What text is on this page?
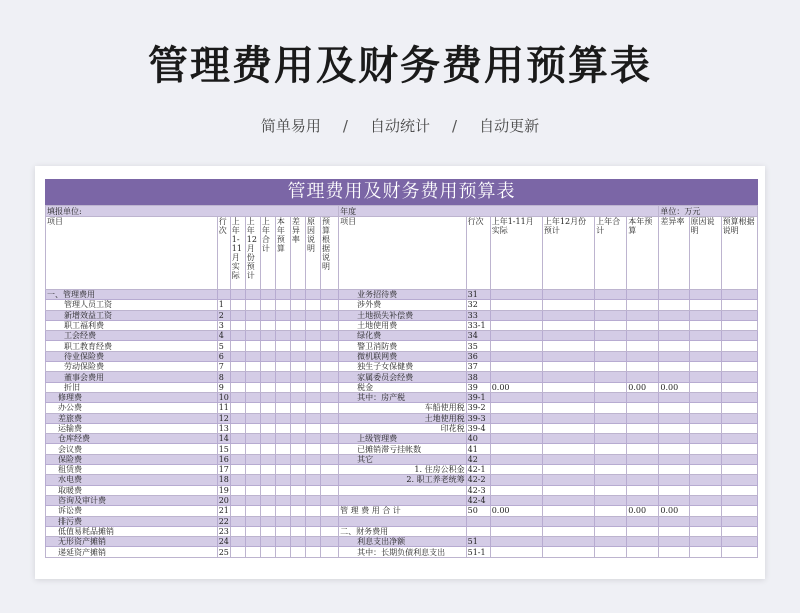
管理费用及财务费用预算表
简单易用 / 自动统计 / 自动更新
管理费用及财务费用预算表
填报单位:									年度						单位：万元		
项目	行次	上年1-11月实际	上年12月份预计	上年合计	本年预算	差异率	原因说明	预算根据说明	项目	行次	上年1-11月实际	上年12月份预计	上年合计	本年预算	差异率	原因说明	预算根据说明
一、管理费用									业务招待费	31							
管理人员工资	1								涉外费	32							
新增效益工资	2								土地损失补偿费	33							
职工福利费	3								土地使用费	33-1							
工会经费	4								绿化费	34							
职工教育经费	5								警卫消防费	35							
待业保险费	6								微机联网费	36							
劳动保险费	7								独生子女保健费	37							
董事会费用	8								家属委员会经费	38							
折旧	9								税金	39	0.00			0.00	0.00		
修理费	10								其中：房产税	39-1							
办公费	11								车船使用税	39-2							
差旅费	12								土地使用税	39-3							
运输费	13								印花税	39-4							
仓库经费	14								上级管理费	40							
会议费	15								已摊销滞亏挂帐数	41							
保险费	16								其它	42							
租赁费	17								1. 住房公积金	42-1							
水电费	18								2. 职工养老统筹	42-2							
取暖费	19									42-3							
咨询及审计费	20									42-4							
诉讼费	21								管 理 费 用 合 计	50	0.00			0.00	0.00		
排污费	22																
低值易耗品摊销	23								二、财务费用								
无形资产摊销	24								利息支出净额	51							
递延资产摊销	25								其中：长期负债利息支出	51-1							
